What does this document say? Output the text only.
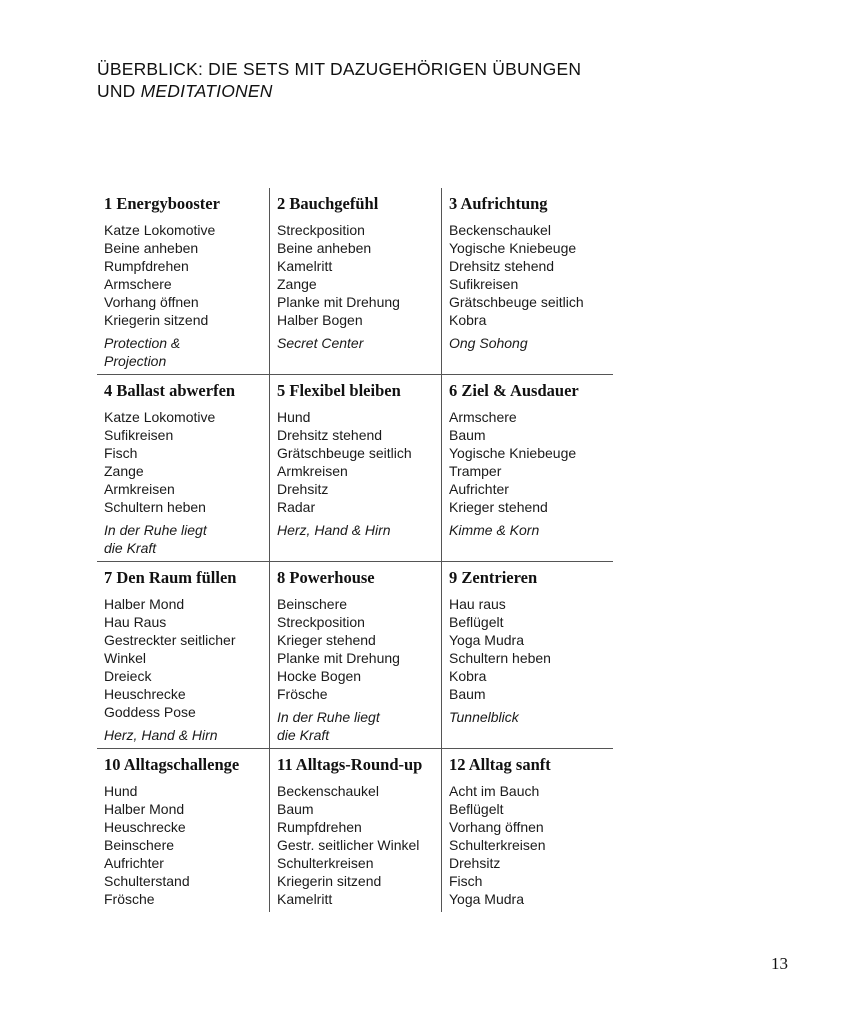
ÜBERBLICK: DIE SETS MIT DAZUGEHÖRIGEN ÜBUNGEN
UND MEDITATIONEN
1 Energybooster
Katze Lokomotive
Beine anheben
Rumpfdrehen
Armschere
Vorhang öffnen
Kriegerin sitzend
Protection &
Projection
2 Bauchgefühl
Streckposition
Beine anheben
Kamelritt
Zange
Planke mit Drehung
Halber Bogen
Secret Center
3 Aufrichtung
Beckenschaukel
Yogische Kniebeuge
Drehsitz stehend
Sufikreisen
Grätschbeuge seitlich
Kobra
Ong Sohong
4 Ballast abwerfen
Katze Lokomotive
Sufikreisen
Fisch
Zange
Armkreisen
Schultern heben
In der Ruhe liegt
die Kraft
5 Flexibel bleiben
Hund
Drehsitz stehend
Grätschbeuge seitlich
Armkreisen
Drehsitz
Radar
Herz, Hand & Hirn
6 Ziel & Ausdauer
Armschere
Baum
Yogische Kniebeuge
Tramper
Aufrichter
Krieger stehend
Kimme & Korn
7 Den Raum füllen
Halber Mond
Hau Raus
Gestreckter seitlicher
Winkel
Dreieck
Heuschrecke
Goddess Pose
Herz, Hand & Hirn
8 Powerhouse
Beinschere
Streckposition
Krieger stehend
Planke mit Drehung
Hocke Bogen
Frösche
In der Ruhe liegt
die Kraft
9 Zentrieren
Hau raus
Beflügelt
Yoga Mudra
Schultern heben
Kobra
Baum
Tunnelblick
10 Alltagschallenge
Hund
Halber Mond
Heuschrecke
Beinschere
Aufrichter
Schulterstand
Frösche
11 Alltags-Round-up
Beckenschaukel
Baum
Rumpfdrehen
Gestr. seitlicher Winkel
Schulterkreisen
Kriegerin sitzend
Kamelritt
12 Alltag sanft
Acht im Bauch
Beflügelt
Vorhang öffnen
Schulterkreisen
Drehsitz
Fisch
Yoga Mudra
13
